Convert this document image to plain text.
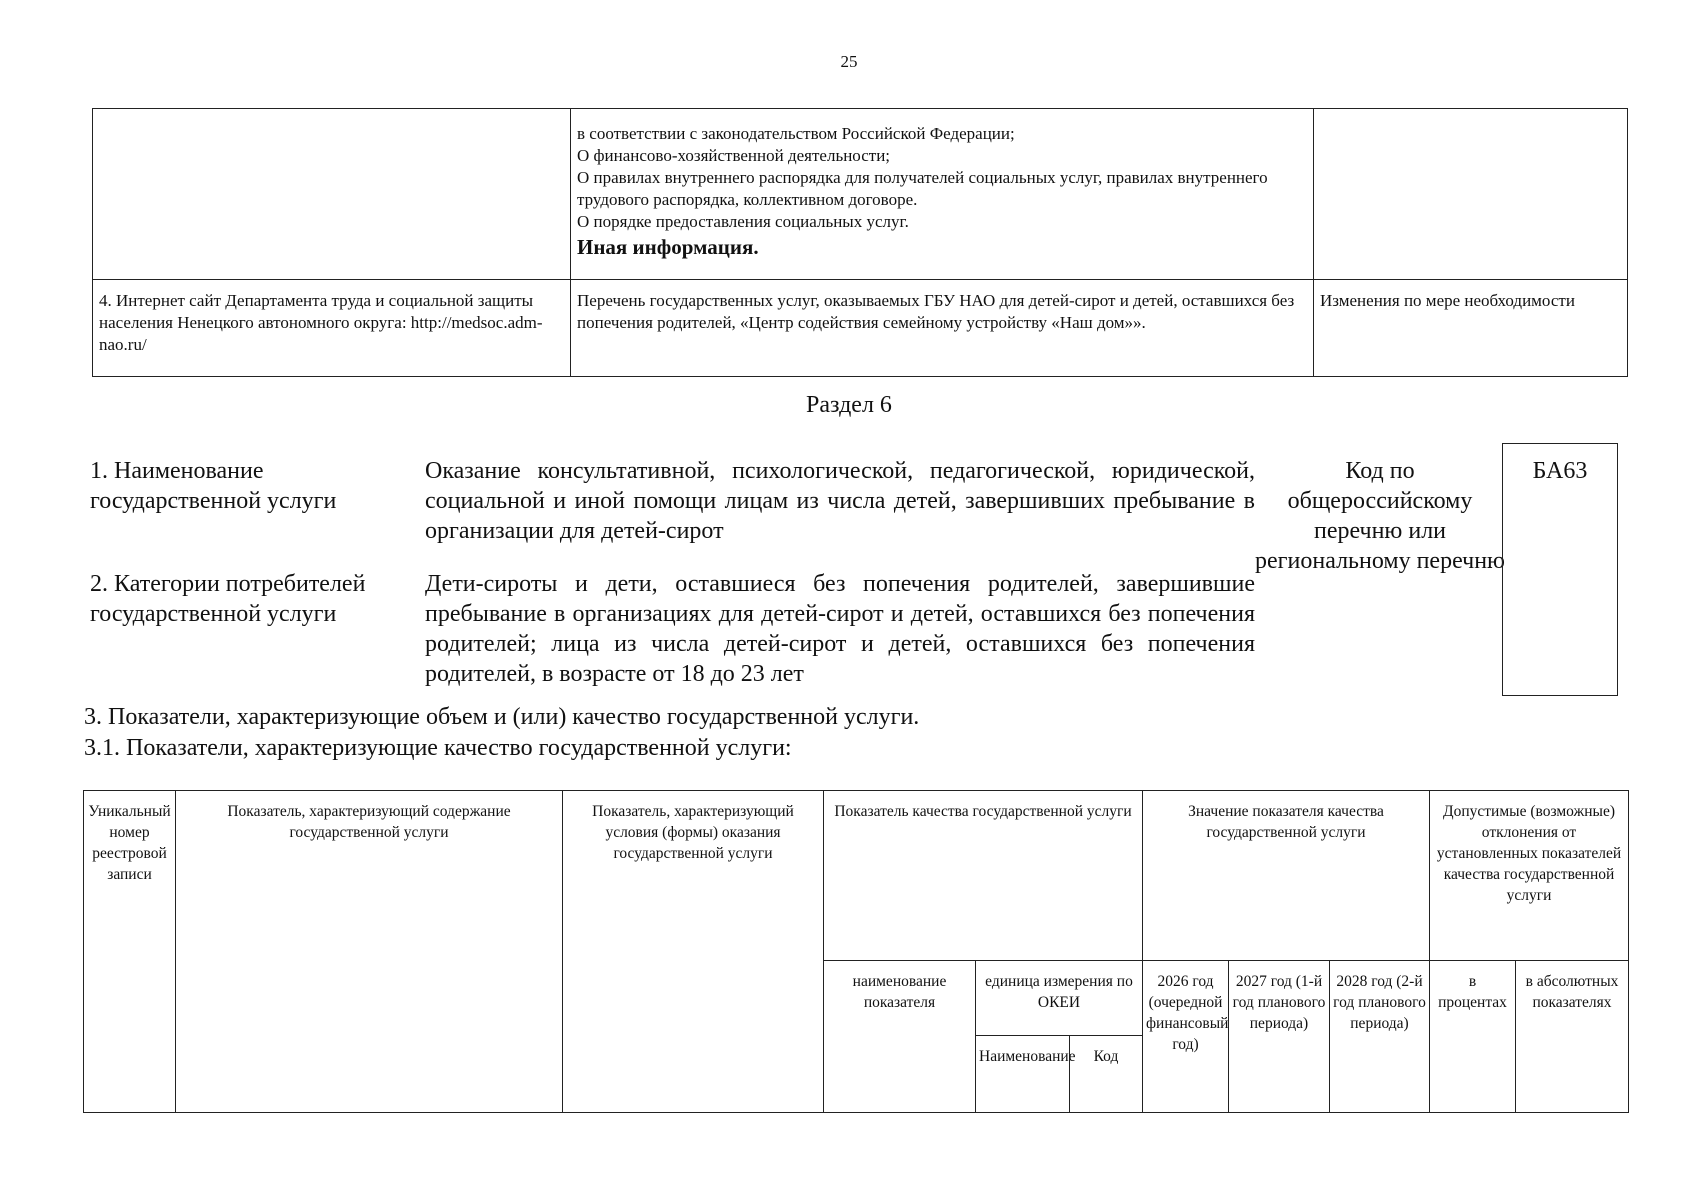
25

	в соответствии с законодательством Российской Федерации;
О финансово-хозяйственной деятельности;
О правилах внутреннего распорядка для получателей социальных услуг, правилах внутреннего трудового распорядка, коллективном договоре.
О порядке предоставления социальных услуг.
Иная информация.	

4. Интернет сайт Департамента труда и социальной защиты населения Ненецкого автономного округа: http://medsoc.adm-nao.ru/	Перечень государственных услуг, оказываемых ГБУ НАО для детей-сирот и детей, оставшихся без попечения родителей, «Центр содействия семейному устройству «Наш дом»».	Изменения по мере необходимости
Раздел 6
1. Наименование государственной услуги
Оказание консультативной, психологической, педагогической, юридической, социальной и иной помощи лицам из числа детей, завершивших пребывание в организации для детей-сирот
2. Категории потребителей государственной услуги
Дети-сироты и дети, оставшиеся без попечения родителей, завершившие пребывание в организациях для детей-сирот и детей, оставшихся без попечения родителей; лица из числа детей-сирот и детей, оставшихся без попечения родителей, в возрасте от 18 до 23 лет
Код по общероссийскому перечню или региональному перечню
БА63
3. Показатели, характеризующие объем и (или) качество государственной услуги.
3.1. Показатели, характеризующие качество государственной услуги:
Уникальный номер реестровой записи	Показатель, характеризующий содержание государственной услуги	Показатель, характеризующий условия (формы) оказания государственной услуги	Показатель качества государственной услуги			Значение показателя качества государственной услуги			Допустимые (возможные) отклонения от установленных показателей качества государственной услуги	
			наименование показателя	единица измерения по ОКЕИ		2026 год (очередной финансовый год)	2027 год (1-й год планового периода)	2028 год (2-й год планового периода)	в процентах	в абсолютных показателях
				Наименование	Код					
